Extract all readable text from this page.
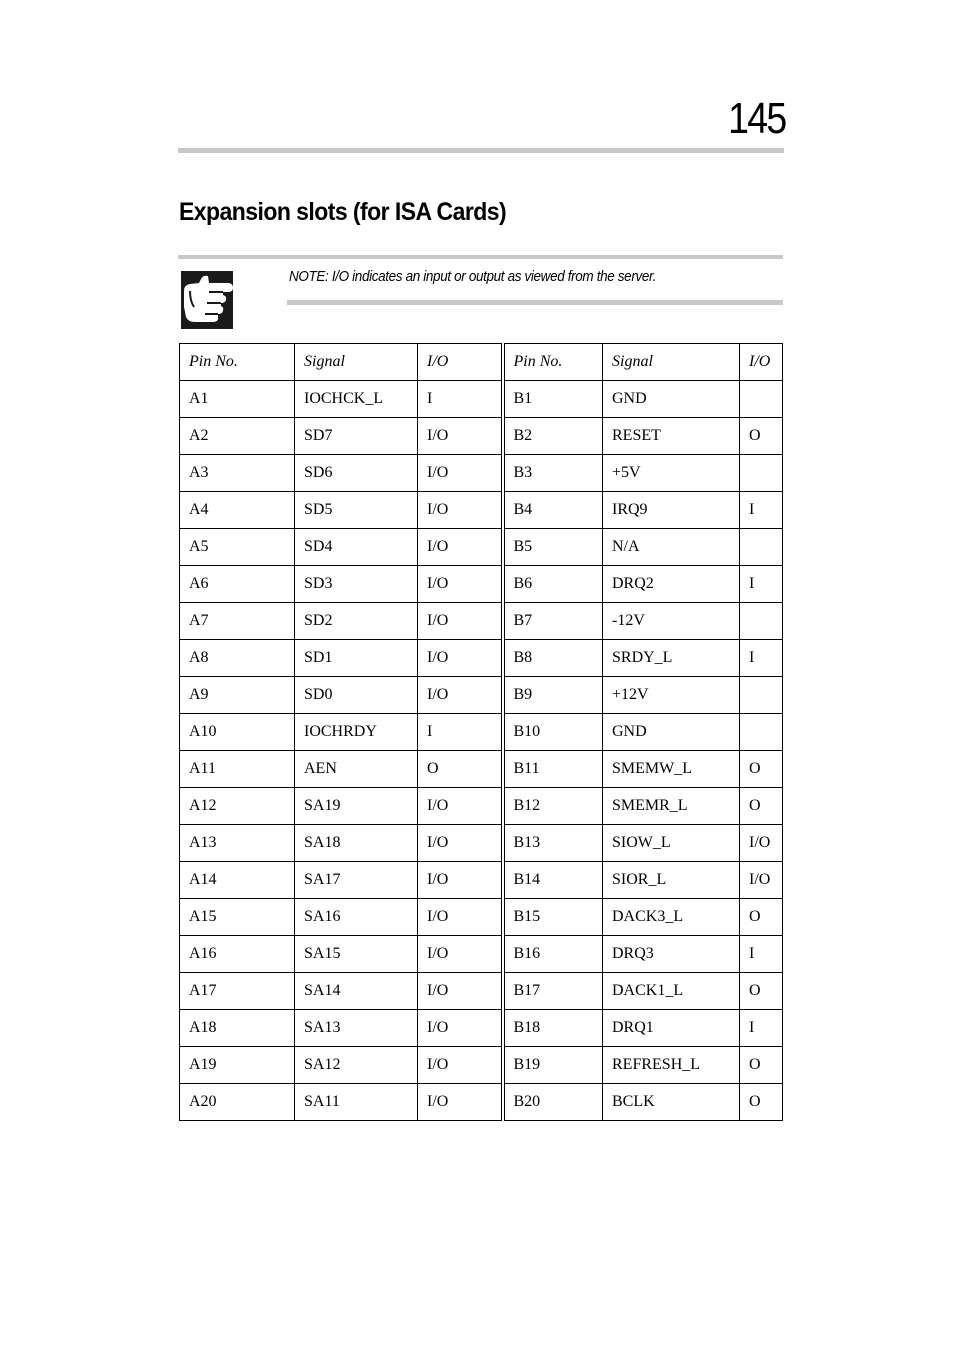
145
Expansion slots (for ISA Cards)
NOTE: I/O indicates an input or output as viewed from the server.
Pin No.	Signal	I/O	Pin No.	Signal	I/O
A1	IOCHCK_L	I	B1	GND	
A2	SD7	I/O	B2	RESET	O
A3	SD6	I/O	B3	+5V	
A4	SD5	I/O	B4	IRQ9	I
A5	SD4	I/O	B5	N/A	
A6	SD3	I/O	B6	DRQ2	I
A7	SD2	I/O	B7	-12V	
A8	SD1	I/O	B8	SRDY_L	I
A9	SD0	I/O	B9	+12V	
A10	IOCHRDY	I	B10	GND	
A11	AEN	O	B11	SMEMW_L	O
A12	SA19	I/O	B12	SMEMR_L	O
A13	SA18	I/O	B13	SIOW_L	I/O
A14	SA17	I/O	B14	SIOR_L	I/O
A15	SA16	I/O	B15	DACK3_L	O
A16	SA15	I/O	B16	DRQ3	I
A17	SA14	I/O	B17	DACK1_L	O
A18	SA13	I/O	B18	DRQ1	I
A19	SA12	I/O	B19	REFRESH_L	O
A20	SA11	I/O	B20	BCLK	O
